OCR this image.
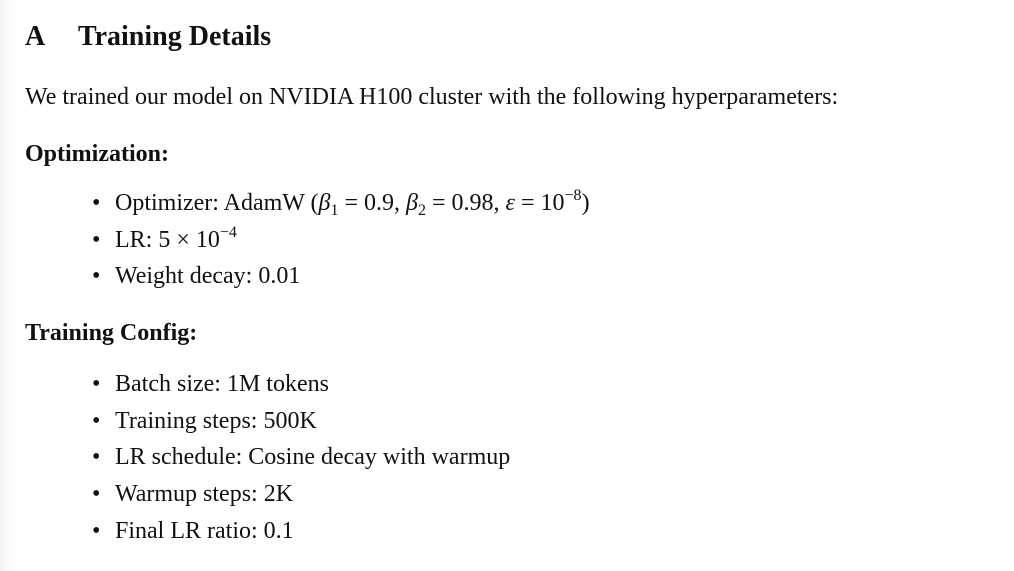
A Training Details
We trained our model on NVIDIA H100 cluster with the following hyperparameters:
Optimization:
• Optimizer: AdamW ($\beta_1 = 0.9$, $\beta_2 = 0.98$, $\varepsilon = 10^{-8}$)
• LR: $5 \times 10^{-4}$
• Weight decay: 0.01
Training Config:
• Batch size: 1M tokens
• Training steps: 500K
• LR schedule: Cosine decay with warmup
• Warmup steps: 2K
• Final LR ratio: 0.1
